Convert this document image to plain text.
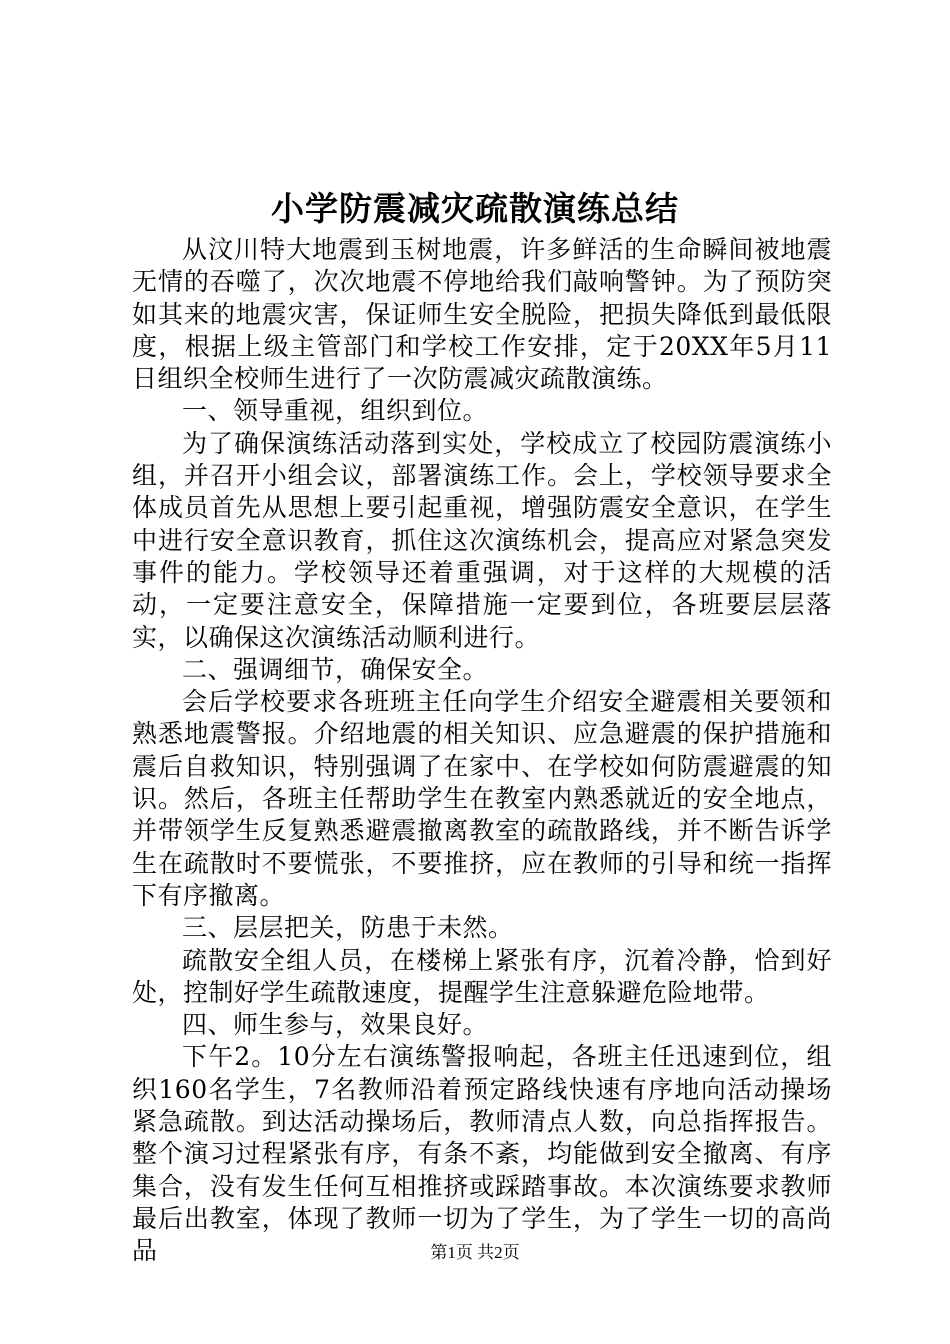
小学防震减灾疏散演练总结

从汶川特大地震到玉树地震，许多鲜活的生命瞬间被地震无情的吞噬了，次次地震不停地给我们敲响警钟。为了预防突如其来的地震灾害，保证师生安全脱险，把损失降低到最低限度，根据上级主管部门和学校工作安排，定于20XX年5月11日组织全校师生进行了一次防震减灾疏散演练。

一、领导重视，组织到位。

为了确保演练活动落到实处，学校成立了校园防震演练小组，并召开小组会议，部署演练工作。会上，学校领导要求全体成员首先从思想上要引起重视，增强防震安全意识，在学生中进行安全意识教育，抓住这次演练机会，提高应对紧急突发事件的能力。学校领导还着重强调，对于这样的大规模的活动，一定要注意安全，保障措施一定要到位，各班要层层落实，以确保这次演练活动顺利进行。

二、强调细节，确保安全。

会后学校要求各班班主任向学生介绍安全避震相关要领和熟悉地震警报。介绍地震的相关知识、应急避震的保护措施和震后自救知识，特别强调了在家中、在学校如何防震避震的知识。然后，各班主任帮助学生在教室内熟悉就近的安全地点，并带领学生反复熟悉避震撤离教室的疏散路线，并不断告诉学生在疏散时不要慌张，不要推挤，应在教师的引导和统一指挥下有序撤离。

三、层层把关，防患于未然。

疏散安全组人员，在楼梯上紧张有序，沉着冷静，恰到好处，控制好学生疏散速度，提醒学生注意躲避危险地带。

四、师生参与，效果良好。

下午2。10分左右演练警报响起，各班主任迅速到位，组织160名学生，7名教师沿着预定路线快速有序地向活动操场紧急疏散。到达活动操场后，教师清点人数，向总指挥报告。整个演习过程紧张有序，有条不紊，均能做到安全撤离、有序集合，没有发生任何互相推挤或踩踏事故。本次演练要求教师最后出教室，体现了教师一切为了学生，为了学生一切的高尚品	第1页 共2页
